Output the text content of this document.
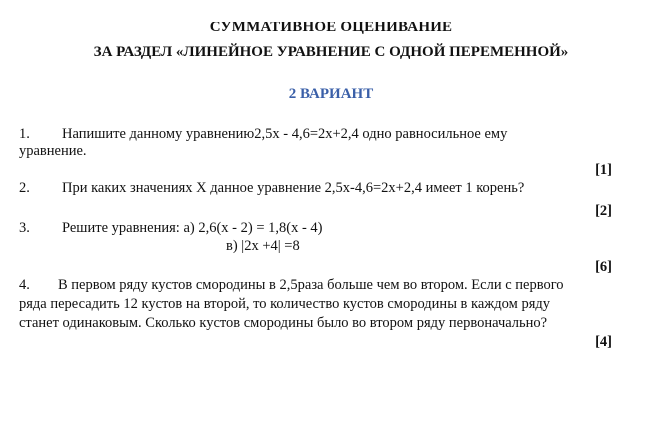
СУММАТИВНОЕ ОЦЕНИВАНИЕ
ЗА РАЗДЕЛ «ЛИНЕЙНОЕ УРАВНЕНИЕ С ОДНОЙ ПЕРЕМЕННОЙ»
2 ВАРИАНТ
1. Напишите данному уравнению2,5х - 4,6=2х+2,4 одно равносильное ему
уравнение.
[1]
2. При каких значениях Х данное уравнение 2,5х-4,6=2х+2,4 имеет 1 корень?
[2]
3. Решите уравнения: а) 2,6(х - 2) = 1,8(х - 4)
в) |2х +4| =8
[6]
4. В первом ряду кустов смородины в 2,5раза больше чем во втором. Если с первого
ряда пересадить 12 кустов на второй, то количество кустов смородины в каждом ряду
станет одинаковым. Сколько кустов смородины было во втором ряду первоначально?
[4]
